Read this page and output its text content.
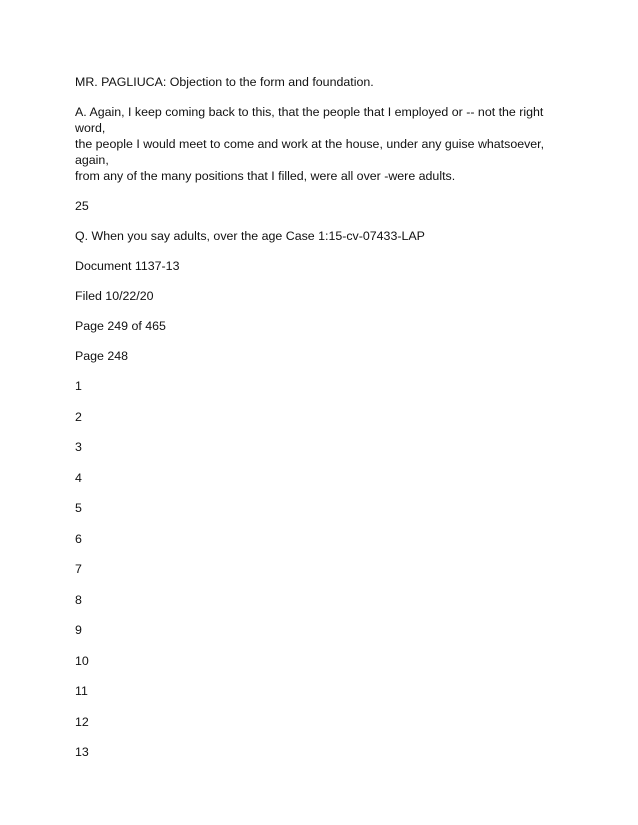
MR. PAGLIUCA: Objection to the form and foundation.

A. Again, I keep coming back to this, that the people that I employed or -- not the right word,
the people I would meet to come and work at the house, under any guise whatsoever, again,
from any of the many positions that I filled, were all over -were adults.

25

Q. When you say adults, over the age Case 1:15-cv-07433-LAP

Document 1137-13

Filed 10/22/20

Page 249 of 465

Page 248

1
2
3
4
5
6
7
8
9
10
11
12
13
